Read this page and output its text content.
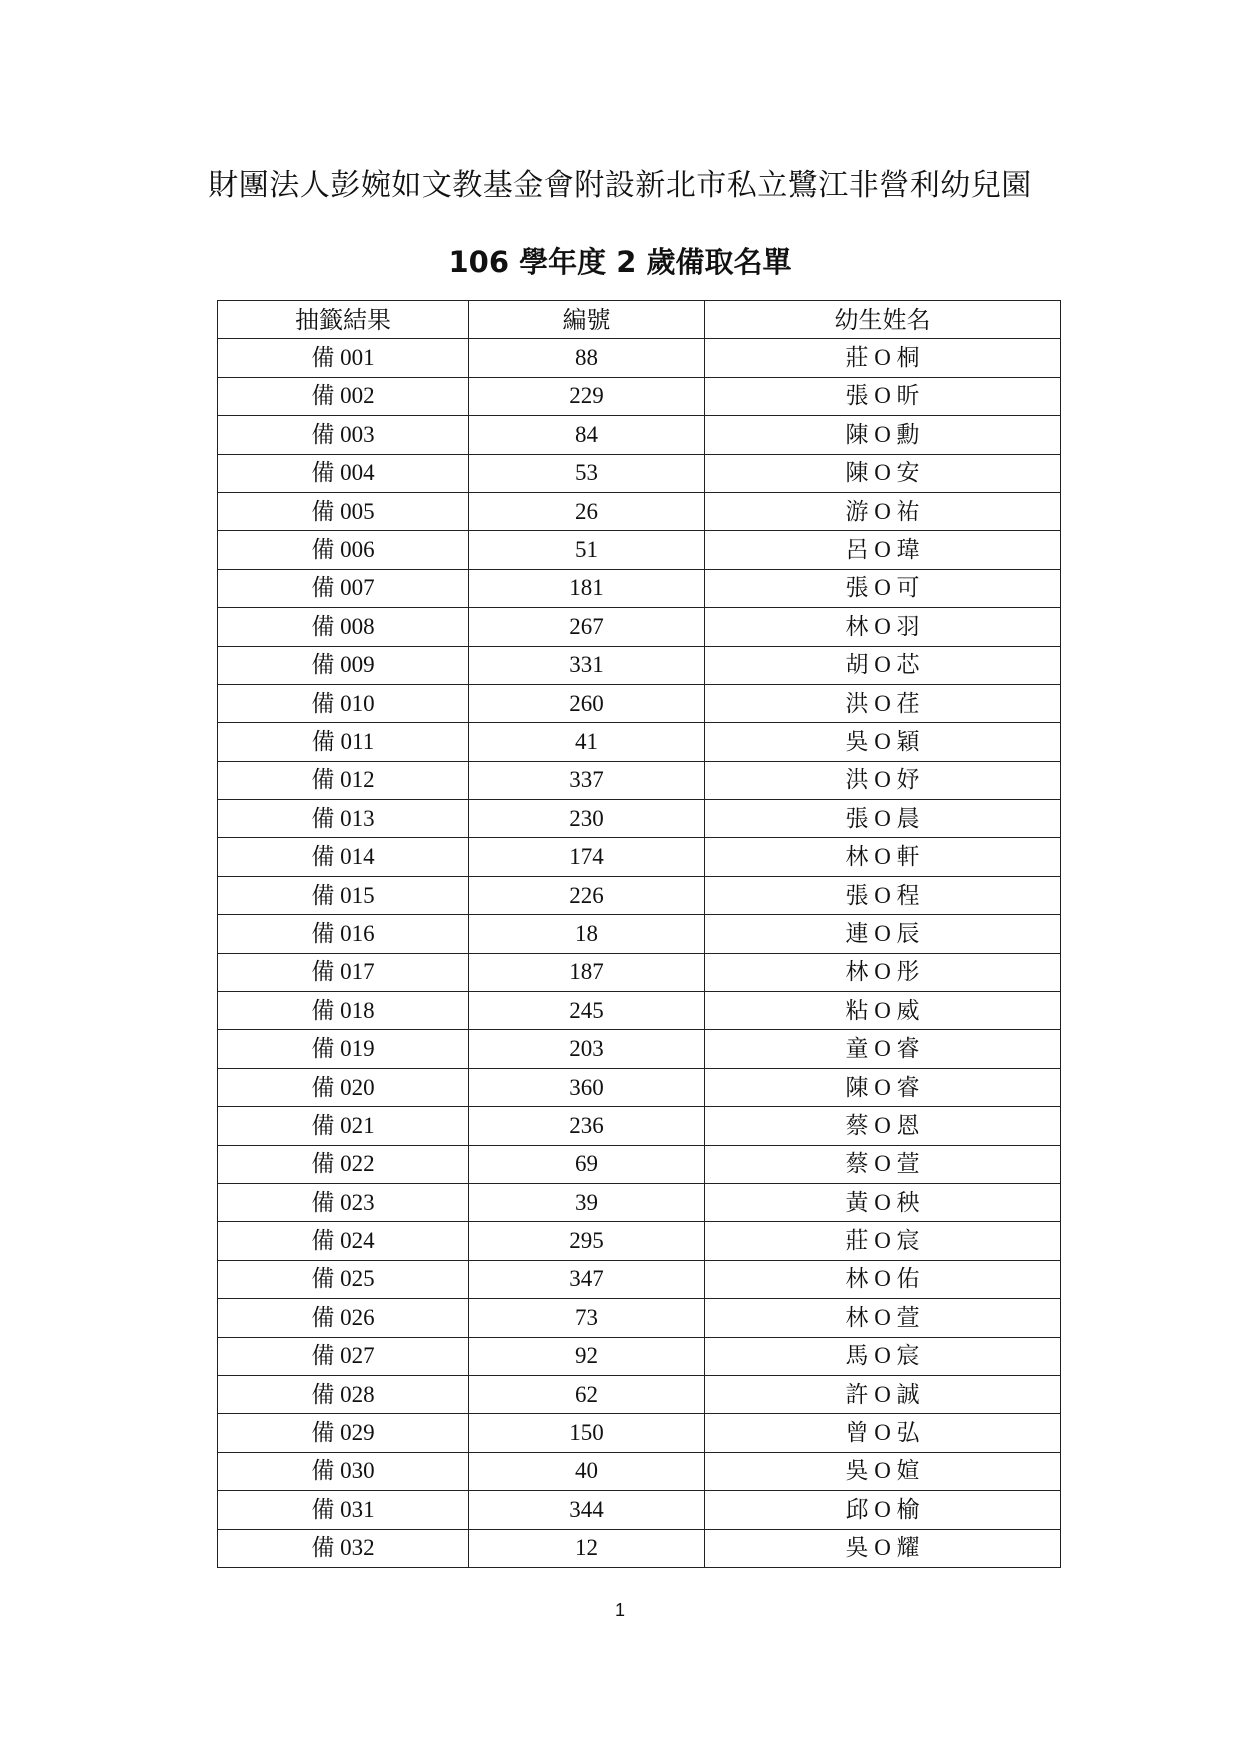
財團法人彭婉如文教基金會附設新北市私立鷺江非營利幼兒園
106 學年度 2 歲備取名單
抽籤結果	編號	幼生姓名
備 001	88	莊 O 桐
備 002	229	張 O 昕
備 003	84	陳 O 勳
備 004	53	陳 O 安
備 005	26	游 O 祐
備 006	51	呂 O 瑋
備 007	181	張 O 可
備 008	267	林 O 羽
備 009	331	胡 O 芯
備 010	260	洪 O 荏
備 011	41	吳 O 穎
備 012	337	洪 O 妤
備 013	230	張 O 晨
備 014	174	林 O 軒
備 015	226	張 O 程
備 016	18	連 O 辰
備 017	187	林 O 彤
備 018	245	粘 O 威
備 019	203	童 O 睿
備 020	360	陳 O 睿
備 021	236	蔡 O 恩
備 022	69	蔡 O 萱
備 023	39	黃 O 秧
備 024	295	莊 O 宸
備 025	347	林 O 佑
備 026	73	林 O 萱
備 027	92	馬 O 宸
備 028	62	許 O 誠
備 029	150	曾 O 弘
備 030	40	吳 O 媗
備 031	344	邱 O 榆
備 032	12	吳 O 耀
1
